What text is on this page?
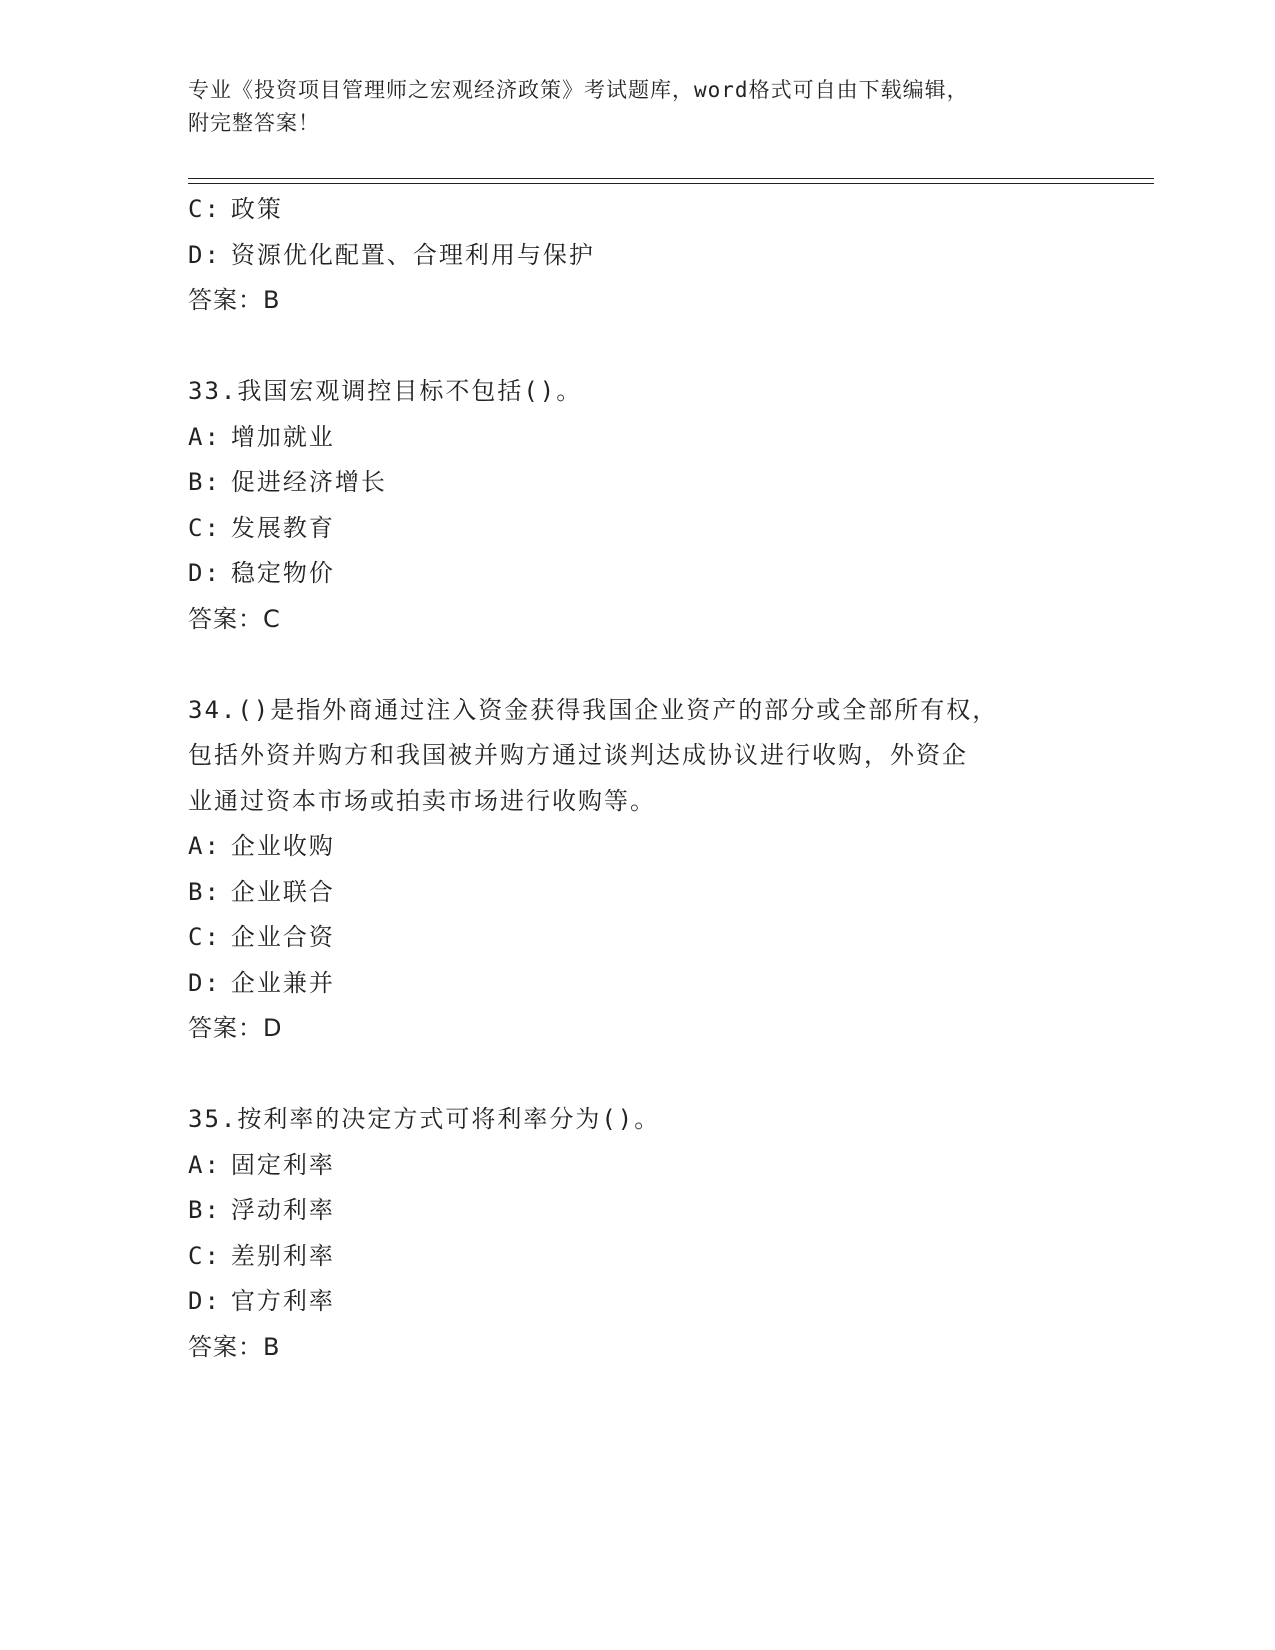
专业《投资项目管理师之宏观经济政策》考试题库，word格式可自由下载编辑，
附完整答案！
C: 政策
D: 资源优化配置、合理利用与保护
答案：B
33.我国宏观调控目标不包括()。
A: 增加就业
B: 促进经济增长
C: 发展教育
D: 稳定物价
答案：C
34.()是指外商通过注入资金获得我国企业资产的部分或全部所有权，
包括外资并购方和我国被并购方通过谈判达成协议进行收购，外资企
业通过资本市场或拍卖市场进行收购等。
A: 企业收购
B: 企业联合
C: 企业合资
D: 企业兼并
答案：D
35.按利率的决定方式可将利率分为()。
A: 固定利率
B: 浮动利率
C: 差别利率
D: 官方利率
答案：B
